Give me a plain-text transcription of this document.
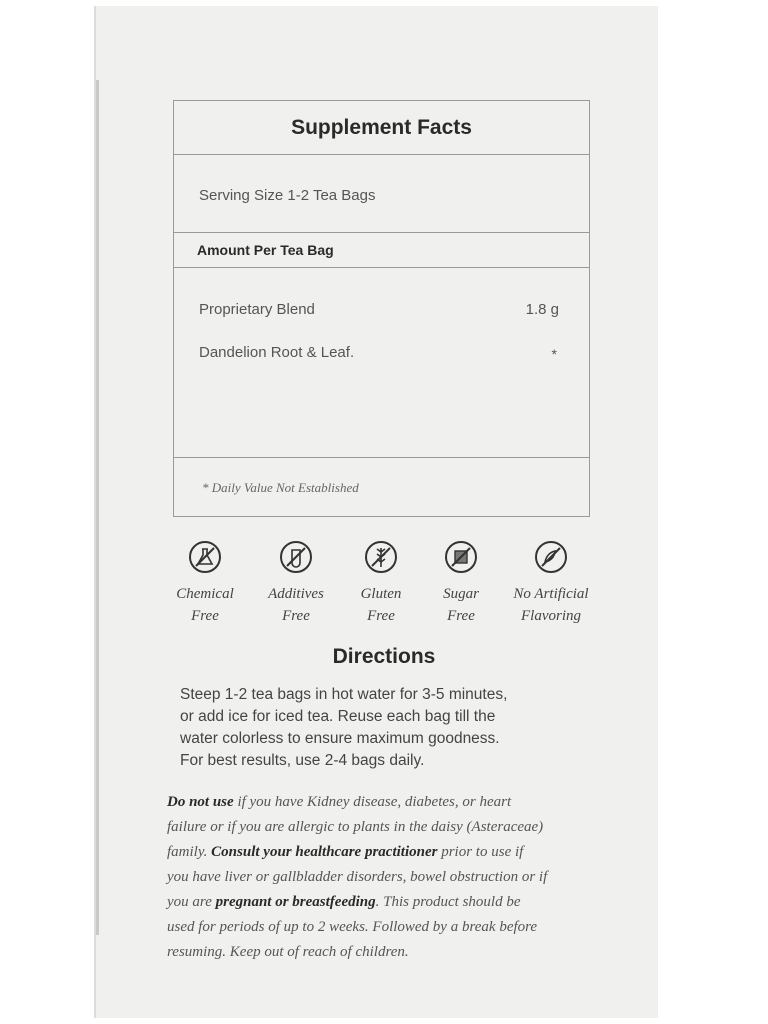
Supplement Facts
Serving Size 1-2 Tea Bags
Amount Per Tea Bag
Proprietary Blend	1.8 g
Dandelion Root & Leaf.	*
* Daily Value Not Established
Chemical
Free
Additives
Free
Gluten
Free
Sugar
Free
No Artificial
Flavoring
Directions
Steep 1-2 tea bags in hot water for 3-5 minutes,
or add ice for iced tea. Reuse each bag till the
water colorless to ensure maximum goodness.
For best results, use 2-4 bags daily.
Do not use if you have Kidney disease, diabetes, or heart
failure or if you are allergic to plants in the daisy (Asteraceae)
family. Consult your healthcare practitioner prior to use if
you have liver or gallbladder disorders, bowel obstruction or if
you are pregnant or breastfeeding. This product should be
used for periods of up to 2 weeks. Followed by a break before
resuming. Keep out of reach of children.
